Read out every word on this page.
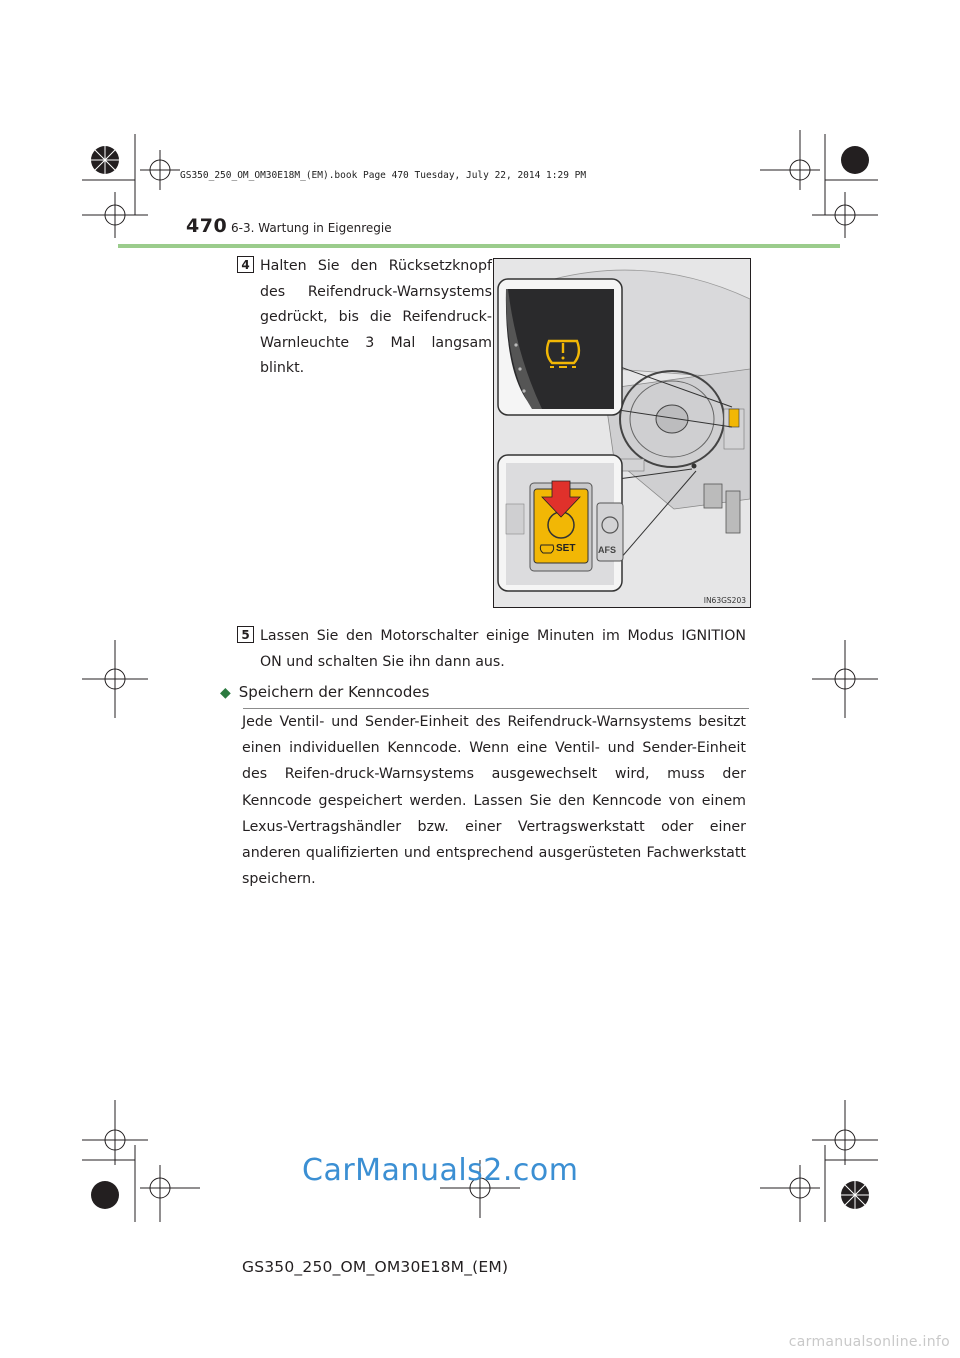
GS350_250_OM_OM30E18M_(EM).book Page 470 Tuesday, July 22, 2014 1:29 PM
470 6-3. Wartung in Eigenregie
4 Halten Sie den Rücksetzknopf des Reifendruck-Warnsystems gedrückt, bis die Reifendruck-Warnleuchte 3 Mal langsam blinkt.
AFS
SET
IN63GS203
5 Lassen Sie den Motorschalter einige Minuten im Modus IGNITION ON und schalten Sie ihn dann aus.
◆ Speichern der Kenncodes
Jede Ventil- und Sender-Einheit des Reifendruck-Warnsystems besitzt einen individuellen Kenncode. Wenn eine Ventil- und Sender-Einheit des Reifen-druck-Warnsystems ausgewechselt wird, muss der Kenncode gespeichert werden. Lassen Sie den Kenncode von einem Lexus-Vertragshändler bzw. einer Vertragswerkstatt oder einer anderen qualifizierten und entsprechend ausgerüsteten Fachwerkstatt speichern.
CarManuals2.com
GS350_250_OM_OM30E18M_(EM)
carmanualsonline.info
